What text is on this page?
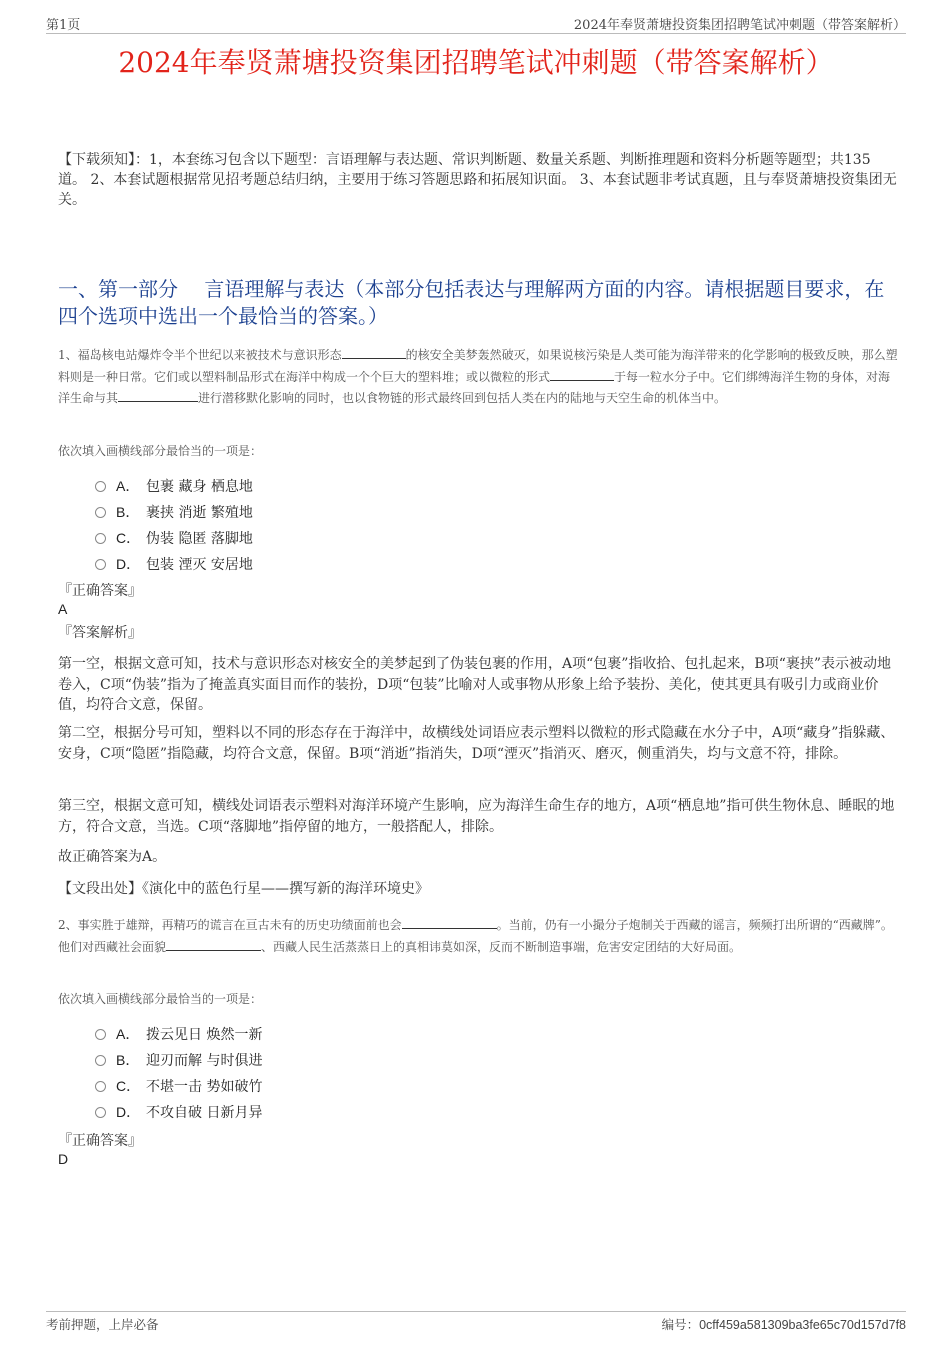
第1页	2024年奉贤萧塘投资集团招聘笔试冲刺题（带答案解析）
2024年奉贤萧塘投资集团招聘笔试冲刺题（带答案解析）

【下载须知】：1，本套练习包含以下题型：言语理解与表达题、常识判断题、数量关系题、判断推理题和资料分析题等题型；共135道。 2、本套试题根据常见招考题总结归纳，主要用于练习答题思路和拓展知识面。 3、本套试题非考试真题，且与奉贤萧塘投资集团无关。

一、第一部分　 言语理解与表达（本部分包括表达与理解两方面的内容。请根据题目要求，在四个选项中选出一个最恰当的答案。）

1、福岛核电站爆炸令半个世纪以来被技术与意识形态	的核安全美梦轰然破灭，如果说核污染是人类可能为海洋带来的化学影响的极致反映，那么塑料则是一种日常。它们或以塑料制品形式在海洋中构成一个个巨大的塑料堆；或以微粒的形式	于每一粒水分子中。它们绑缚海洋生物的身体，对海洋生命与其	进行潜移默化影响的同时，也以食物链的形式最终回到包括人类在内的陆地与天空生命的机体当中。

依次填入画横线部分最恰当的一项是：

A． 包裹 藏身 栖息地
B． 裹挟 消逝 繁殖地
C． 伪装 隐匿 落脚地
D． 包装 湮灭 安居地

『正确答案』

A

『答案解析』

第一空，根据文意可知，技术与意识形态对核安全的美梦起到了伪装包裹的作用，A项“包裹”指收拾、包扎起来，B项“裹挟”表示被动地卷入，C项“伪装”指为了掩盖真实面目而作的装扮，D项“包装”比喻对人或事物从形象上给予装扮、美化，使其更具有吸引力或商业价值，均符合文意，保留。

第二空，根据分号可知，塑料以不同的形态存在于海洋中，故横线处词语应表示塑料以微粒的形式隐藏在水分子中，A项“藏身”指躲藏、安身，C项“隐匿”指隐藏，均符合文意，保留。B项“消逝”指消失，D项“湮灭”指消灭、磨灭，侧重消失，均与文意不符，排除。

第三空，根据文意可知，横线处词语表示塑料对海洋环境产生影响，应为海洋生命生存的地方，A项“栖息地”指可供生物休息、睡眠的地方，符合文意，当选。C项“落脚地”指停留的地方，一般搭配人，排除。

故正确答案为A。

【文段出处】《演化中的蓝色行星——撰写新的海洋环境史》

2、事实胜于雄辩，再精巧的谎言在亘古未有的历史功绩面前也会	。当前，仍有一小撮分子炮制关于西藏的谣言，频频打出所谓的“西藏牌”。他们对西藏社会面貌	、西藏人民生活蒸蒸日上的真相讳莫如深，反而不断制造事端，危害安定团结的大好局面。

依次填入画横线部分最恰当的一项是：

A． 拨云见日 焕然一新
B． 迎刃而解 与时俱进
C． 不堪一击 势如破竹
D． 不攻自破 日新月异

『正确答案』

D

考前押题，上岸必备	编号：0cff459a581309ba3fe65c70d157d7f8
